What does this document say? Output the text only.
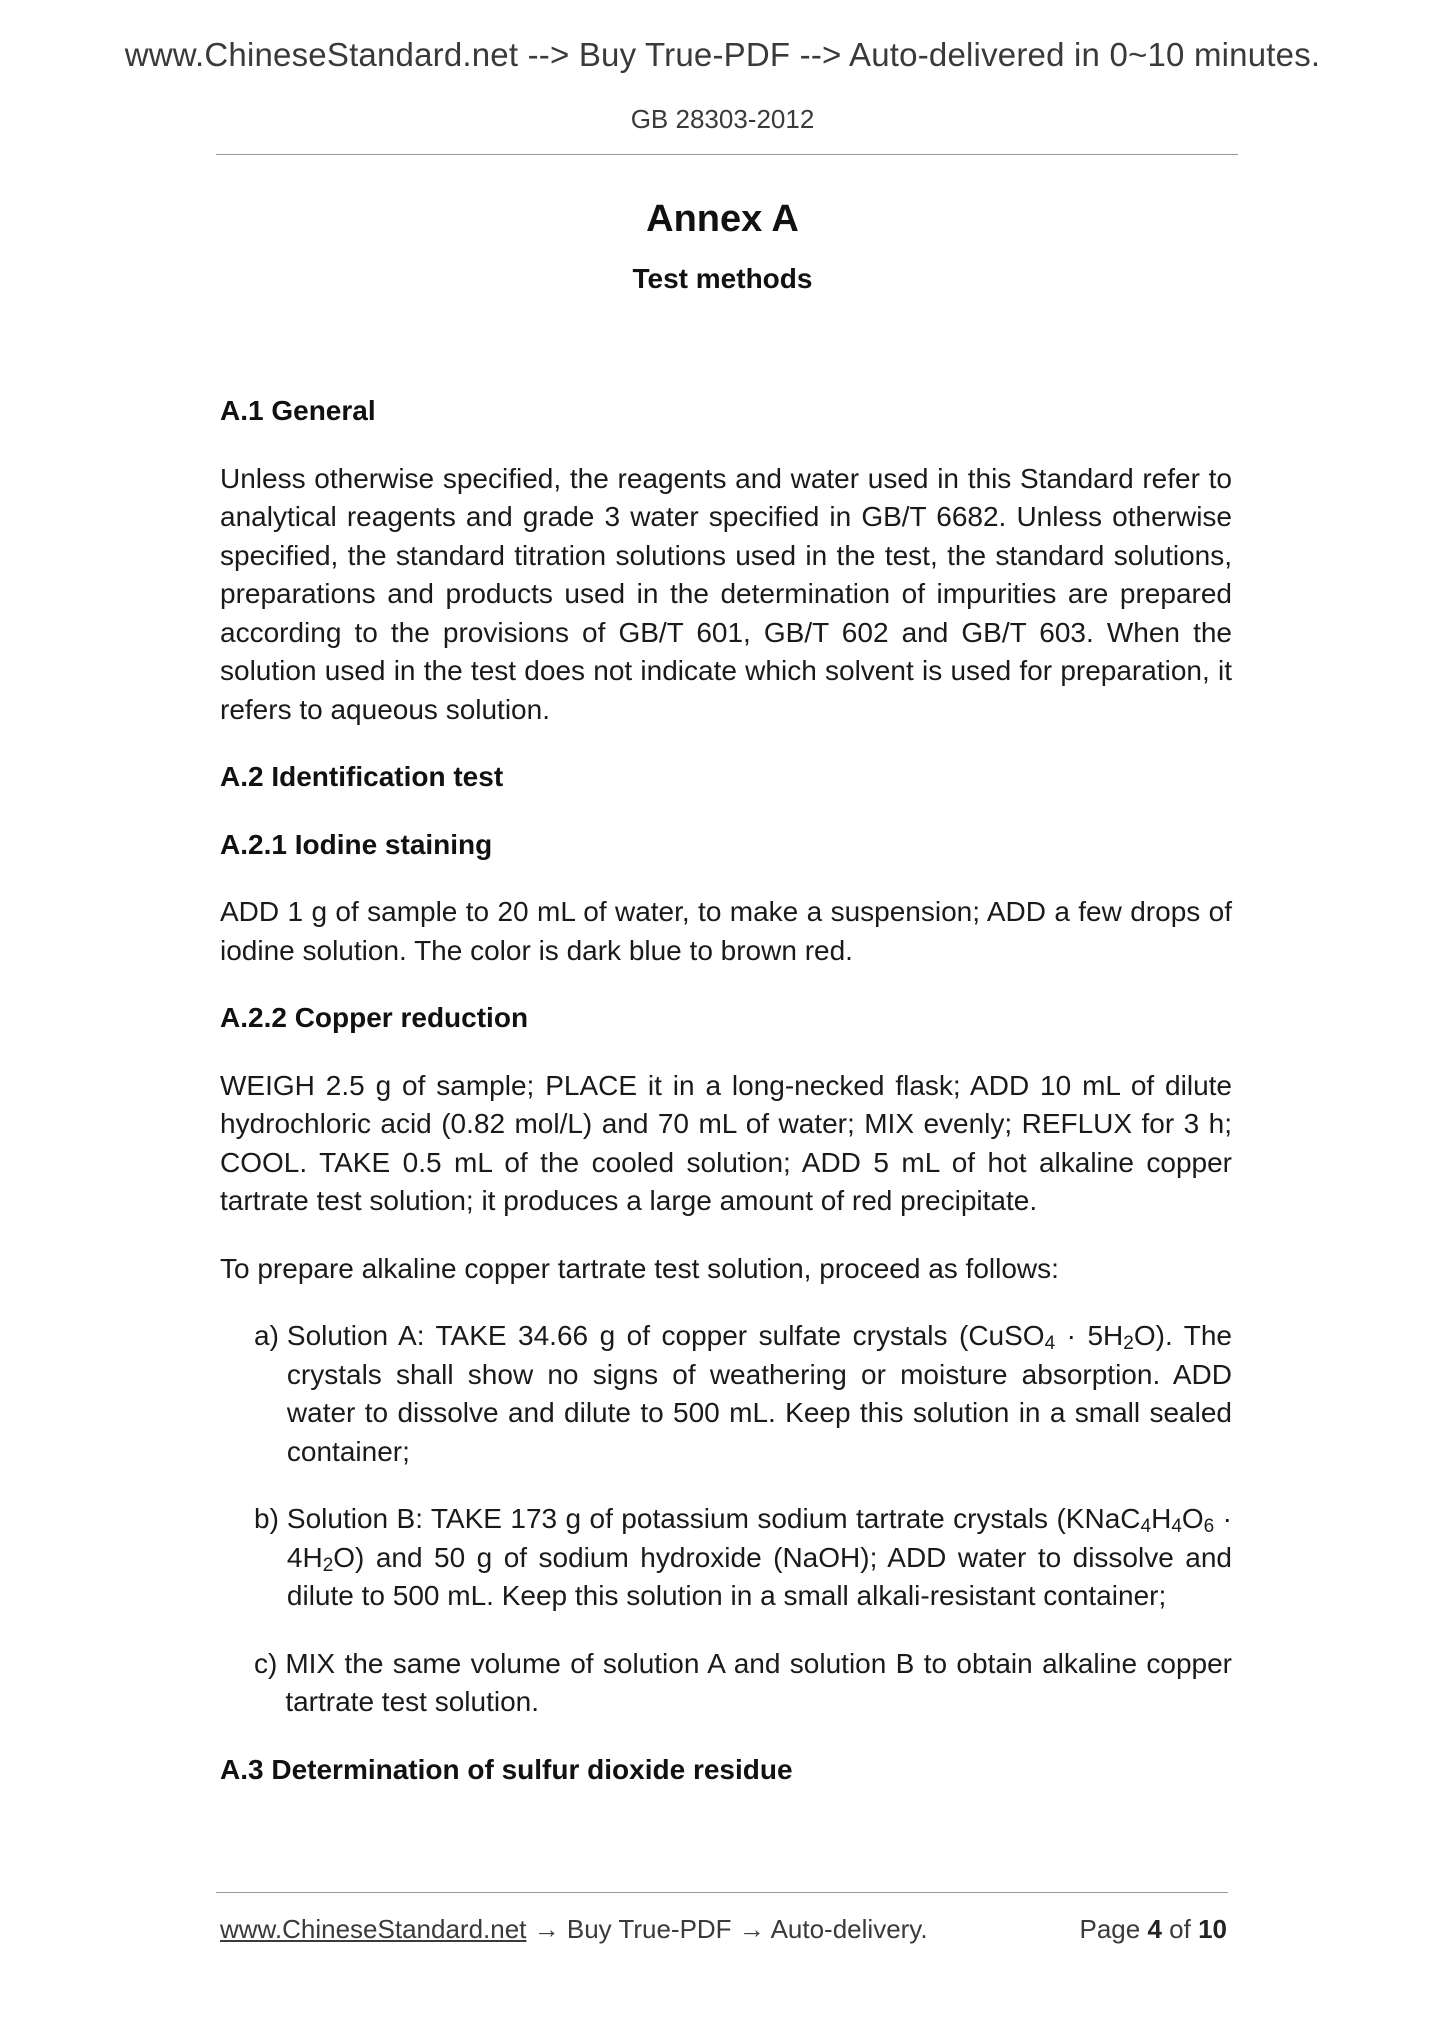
www.ChineseStandard.net --> Buy True-PDF --> Auto-delivered in 0~10 minutes.
GB 28303-2012
Annex A
Test methods
A.1 General
Unless otherwise specified, the reagents and water used in this Standard refer to analytical reagents and grade 3 water specified in GB/T 6682. Unless otherwise specified, the standard titration solutions used in the test, the standard solutions, preparations and products used in the determination of impurities are prepared according to the provisions of GB/T 601, GB/T 602 and GB/T 603. When the solution used in the test does not indicate which solvent is used for preparation, it refers to aqueous solution.
A.2 Identification test
A.2.1 Iodine staining
ADD 1 g of sample to 20 mL of water, to make a suspension; ADD a few drops of iodine solution. The color is dark blue to brown red.
A.2.2 Copper reduction
WEIGH 2.5 g of sample; PLACE it in a long-necked flask; ADD 10 mL of dilute hydrochloric acid (0.82 mol/L) and 70 mL of water; MIX evenly; REFLUX for 3 h; COOL. TAKE 0.5 mL of the cooled solution; ADD 5 mL of hot alkaline copper tartrate test solution; it produces a large amount of red precipitate.
To prepare alkaline copper tartrate test solution, proceed as follows:
a) Solution A: TAKE 34.66 g of copper sulfate crystals (CuSO$_4$ · $5H_2O$). The crystals shall show no signs of weathering or moisture absorption. ADD water to dissolve and dilute to 500 mL. Keep this solution in a small sealed container;
b) Solution B: TAKE 173 g of potassium sodium tartrate crystals $(KNaC_4H_4O_6 \cdot 4H_2O)$ and 50 g of sodium hydroxide (NaOH); ADD water to dissolve and dilute to 500 mL. Keep this solution in a small alkali-resistant container;
c) MIX the same volume of solution A and solution B to obtain alkaline copper tartrate test solution.
A.3 Determination of sulfur dioxide residue
www.ChineseStandard.net → Buy True-PDF → Auto-delivery.	Page 4 of 10
